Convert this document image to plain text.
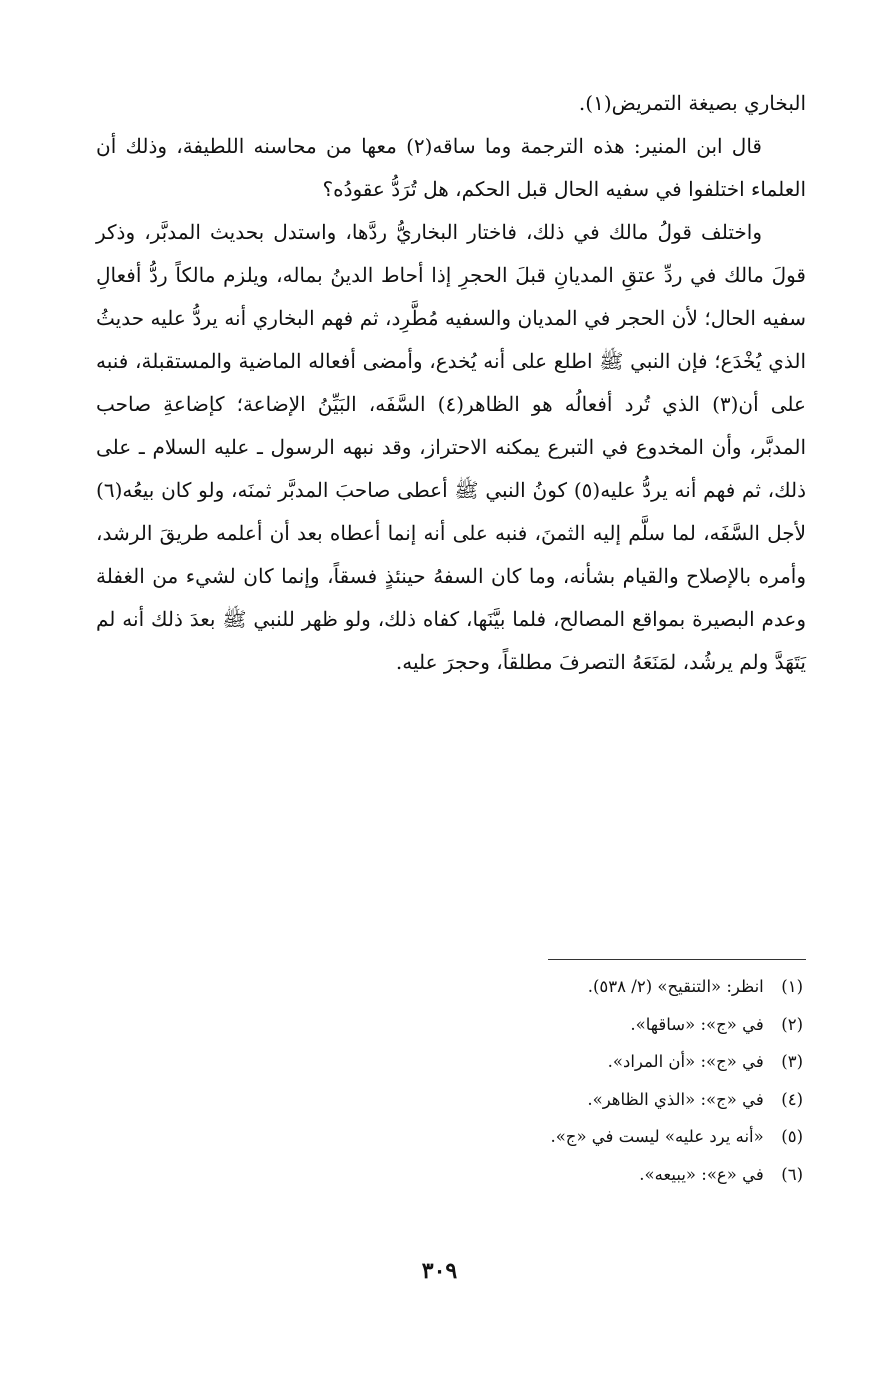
البخاري بصيغة التمريض(١).

قال ابن المنير: هذه الترجمة وما ساقه(٢) معها من محاسنه اللطيفة، وذلك أن العلماء اختلفوا في سفيه الحال قبل الحكم، هل تُرَدُّ عقودُه؟

واختلف قولُ مالك في ذلك، فاختار البخاريُّ ردَّها، واستدل بحديث المدبَّر، وذكر قولَ مالك في ردِّ عتقِ المديانِ قبلَ الحجرِ إذا أحاط الدينُ بماله، ويلزم مالكاً ردُّ أفعالِ سفيه الحال؛ لأن الحجر في المديان والسفيه مُطَّرِد، ثم فهم البخاري أنه يردُّ عليه حديثُ الذي يُخْدَع؛ فإن النبي ﷺ اطلع على أنه يُخدع، وأمضى أفعاله الماضية والمستقبلة، فنبه على أن(٣) الذي تُرد أفعالُه هو الظاهر(٤) السَّفَه، البَيِّنُ الإضاعة؛ كإضاعةِ صاحب المدبَّر، وأن المخدوع في التبرع يمكنه الاحتراز، وقد نبهه الرسول ـ عليه السلام ـ على ذلك، ثم فهم أنه يردُّ عليه(٥) كونُ النبي ﷺ أعطى صاحبَ المدبَّر ثمنَه، ولو كان بيعُه(٦) لأجل السَّفَه، لما سلَّم إليه الثمنَ، فنبه على أنه إنما أعطاه بعد أن أعلمه طريقَ الرشد، وأمره بالإصلاح والقيام بشأنه، وما كان السفهُ حينئذٍ فسقاً، وإنما كان لشيء من الغفلة وعدم البصيرة بمواقع المصالح، فلما بيَّنَها، كفاه ذلك، ولو ظهر للنبي ﷺ بعدَ ذلك أنه لم يَتَهَدَّ ولم يرشُد، لمَنَعَهُ التصرفَ مطلقاً، وحجرَ عليه.

(١) انظر: «التنقيح» (٢/ ٥٣٨).
(٢) في «ج»: «ساقها».
(٣) في «ج»: «أن المراد».
(٤) في «ج»: «الذي الظاهر».
(٥) «أنه يرد عليه» ليست في «ج».
(٦) في «ع»: «يبيعه».
٣٠٩
